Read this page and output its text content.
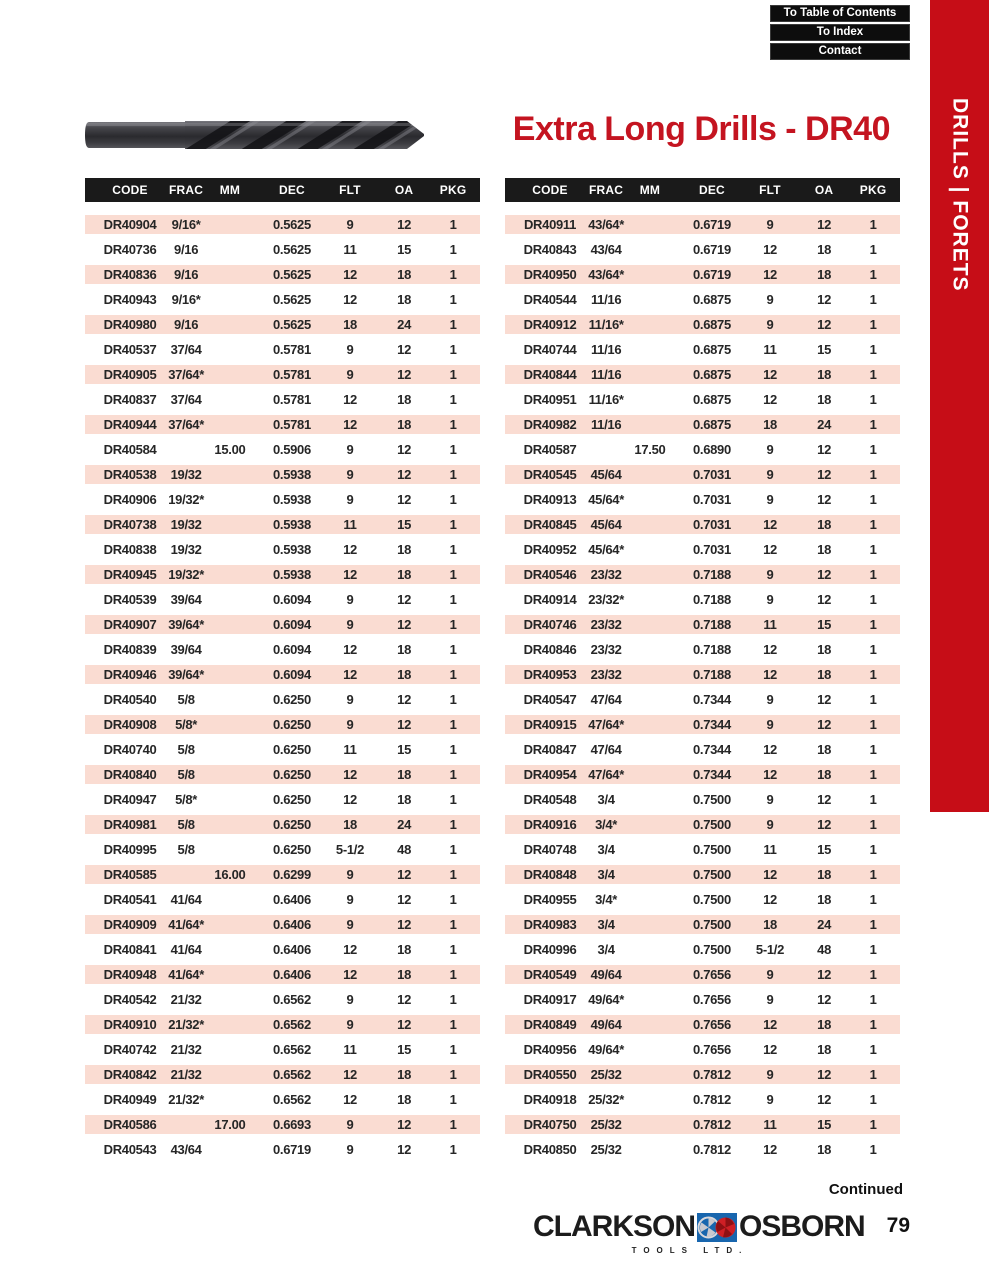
To Table of Contents
To Index
Contact
DRILLS | FORETS
Extra Long Drills - DR40
CODE FRAC MM	DEC	FLT	OA PKG
DR40904 9/16*	0.5625	9	12	1
DR40736 9/16	0.5625	11	15	1
DR40836 9/16	0.5625 12	18	1
DR40943 9/16*	0.5625 12	18	1
DR40980 9/16	0.5625 18	24	1
DR40537 37/64	0.5781	9	12	1
DR40905 37/64*	0.5781	9	12	1
DR40837 37/64	0.5781 12	18	1
DR40944 37/64*	0.5781 12	18	1
DR40584	15.00 0.5906	9	12	1
DR40538 19/32	0.5938	9	12	1
DR40906 19/32*	0.5938	9	12	1
DR40738 19/32	0.5938	11	15	1
DR40838 19/32	0.5938 12	18	1
DR40945 19/32*	0.5938 12	18	1
DR40539 39/64	0.6094	9	12	1
DR40907 39/64*	0.6094	9	12	1
DR40839 39/64	0.6094 12	18	1
DR40946 39/64*	0.6094 12	18	1
DR40540 5/8	0.6250	9	12	1
DR40908 5/8*	0.6250	9	12	1
DR40740 5/8	0.6250	11	15	1
DR40840 5/8	0.6250 12	18	1
DR40947 5/8*	0.6250 12	18	1
DR40981 5/8	0.6250 18	24	1
DR40995 5/8	0.6250 5-1/2	48	1
DR40585	16.00 0.6299	9	12	1
DR40541 41/64	0.6406	9	12	1
DR40909 41/64*	0.6406	9	12	1
DR40841 41/64	0.6406 12	18	1
DR40948 41/64*	0.6406 12	18	1
DR40542 21/32	0.6562	9	12	1
DR40910 21/32*	0.6562	9	12	1
DR40742 21/32	0.6562	11	15	1
DR40842 21/32	0.6562 12	18	1
DR40949 21/32*	0.6562 12	18	1
DR40586	17.00 0.6693	9	12	1
DR40543 43/64	0.6719	9	12	1
CODE FRAC MM	DEC	FLT	OA PKG
DR40911 43/64*	0.6719	9	12	1
DR40843 43/64	0.6719 12	18	1
DR40950 43/64*	0.6719 12	18	1
DR40544 11/16	0.6875	9	12	1
DR40912 11/16*	0.6875	9	12	1
DR40744 11/16	0.6875	11	15	1
DR40844 11/16	0.6875 12	18	1
DR40951 11/16*	0.6875 12	18	1
DR40982 11/16	0.6875 18	24	1
DR40587	17.50 0.6890	9	12	1
DR40545 45/64	0.7031	9	12	1
DR40913 45/64*	0.7031	9	12	1
DR40845 45/64	0.7031 12	18	1
DR40952 45/64*	0.7031 12	18	1
DR40546 23/32	0.7188	9	12	1
DR40914 23/32*	0.7188	9	12	1
DR40746 23/32	0.7188	11	15	1
DR40846 23/32	0.7188 12	18	1
DR40953 23/32	0.7188 12	18	1
DR40547 47/64	0.7344	9	12	1
DR40915 47/64*	0.7344	9	12	1
DR40847 47/64	0.7344 12	18	1
DR40954 47/64*	0.7344 12	18	1
DR40548 3/4	0.7500	9	12	1
DR40916 3/4*	0.7500	9	12	1
DR40748 3/4	0.7500	11	15	1
DR40848 3/4	0.7500 12	18	1
DR40955 3/4*	0.7500 12	18	1
DR40983 3/4	0.7500 18	24	1
DR40996 3/4	0.7500 5-1/2	48	1
DR40549 49/64	0.7656	9	12	1
DR40917 49/64*	0.7656	9	12	1
DR40849 49/64	0.7656 12	18	1
DR40956 49/64*	0.7656 12	18	1
DR40550 25/32	0.7812	9	12	1
DR40918 25/32*	0.7812	9	12	1
DR40750 25/32	0.7812	11	15	1
DR40850 25/32	0.7812 12	18	1
Continued
CLARKSON OSBORN
TOOLS LTD.
79
